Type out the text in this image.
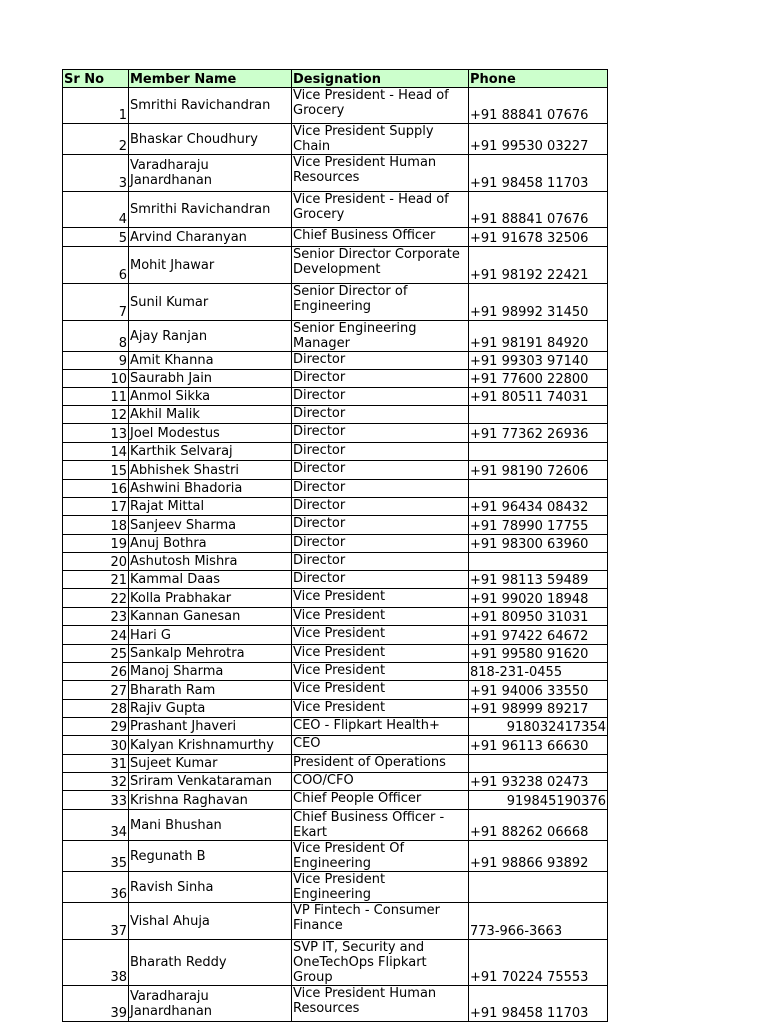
Sr No	Member Name	Designation	Phone
1	Smrithi Ravichandran	Vice President - Head of Grocery	+91 88841 07676
2	Bhaskar Choudhury	Vice President Supply Chain	+91 99530 03227
3	Varadharaju Janardhanan	Vice President Human Resources	+91 98458 11703
4	Smrithi Ravichandran	Vice President - Head of Grocery	+91 88841 07676
5	Arvind Charanyan	Chief Business Officer	+91 91678 32506
6	Mohit Jhawar	Senior Director Corporate Development	+91 98192 22421
7	Sunil Kumar	Senior Director of Engineering	+91 98992 31450
8	Ajay Ranjan	Senior Engineering Manager	+91 98191 84920
9	Amit Khanna	Director	+91 99303 97140
10	Saurabh Jain	Director	+91 77600 22800
11	Anmol Sikka	Director	+91 80511 74031
12	Akhil Malik	Director	
13	Joel Modestus	Director	+91 77362 26936
14	Karthik Selvaraj	Director	
15	Abhishek Shastri	Director	+91 98190 72606
16	Ashwini Bhadoria	Director	
17	Rajat Mittal	Director	+91 96434 08432
18	Sanjeev Sharma	Director	+91 78990 17755
19	Anuj Bothra	Director	+91 98300 63960
20	Ashutosh Mishra	Director	
21	Kammal Daas	Director	+91 98113 59489
22	Kolla Prabhakar	Vice President	+91 99020 18948
23	Kannan Ganesan	Vice President	+91 80950 31031
24	Hari G	Vice President	+91 97422 64672
25	Sankalp Mehrotra	Vice President	+91 99580 91620
26	Manoj Sharma	Vice President	818-231-0455
27	Bharath Ram	Vice President	+91 94006 33550
28	Rajiv Gupta	Vice President	+91 98999 89217
29	Prashant Jhaveri	CEO - Flipkart Health+	918032417354
30	Kalyan Krishnamurthy	CEO	+91 96113 66630
31	Sujeet Kumar	President of Operations	
32	Sriram Venkataraman	COO/CFO	+91 93238 02473
33	Krishna Raghavan	Chief People Officer	919845190376
34	Mani Bhushan	Chief Business Officer - Ekart	+91 88262 06668
35	Regunath B	Vice President Of Engineering	+91 98866 93892
36	Ravish Sinha	Vice President Engineering	
37	Vishal Ahuja	VP Fintech - Consumer Finance	773-966-3663
38	Bharath Reddy	SVP IT, Security and OneTechOps Flipkart Group	+91 70224 75553
39	Varadharaju Janardhanan	Vice President Human Resources	+91 98458 11703
